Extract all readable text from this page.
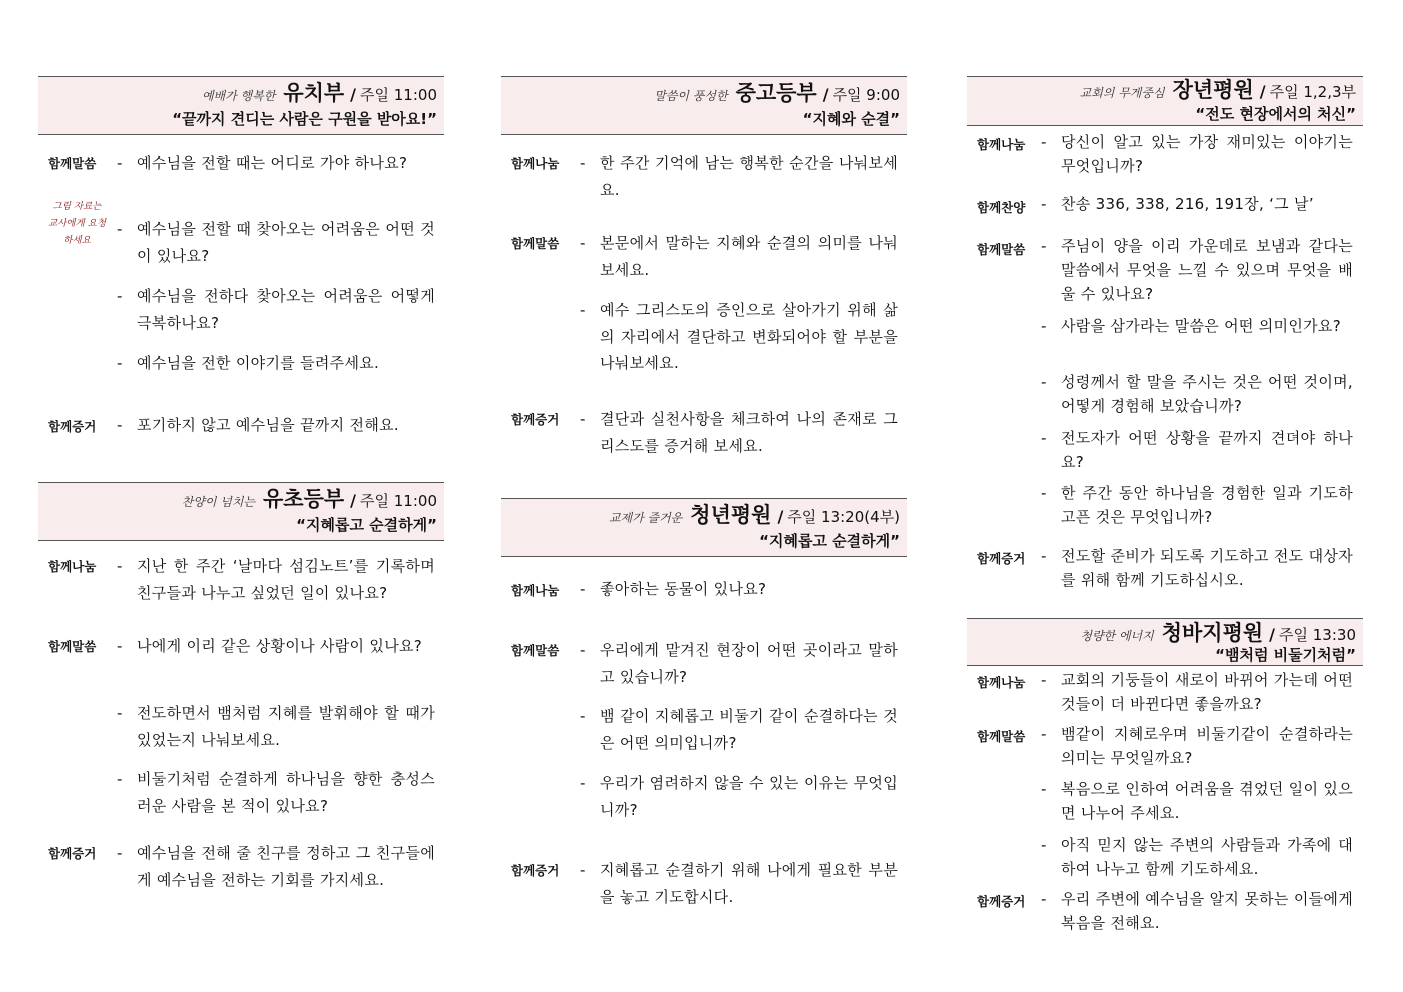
예배가 행복한 유치부 / 주일 11:00
“끝까지 견디는 사람은 구원을 받아요!”
함께말씀
그림 자료는 교사에게 요청하세요
- 예수님을 전할 때는 어디로 가야 하나요?
- 예수님을 전할 때 찾아오는 어려움은 어떤 것이 있나요?
- 예수님을 전하다 찾아오는 어려움은 어떻게 극복하나요?
- 예수님을 전한 이야기를 들려주세요.
함께증거 - 포기하지 않고 예수님을 끝까지 전해요.
찬양이 넘치는 유초등부 / 주일 11:00
“지혜롭고 순결하게”
함께나눔 - 지난 한 주간 ‘날마다 섬김노트’를 기록하며 친구들과 나누고 싶었던 일이 있나요?
함께말씀 - 나에게 이리 같은 상황이나 사람이 있나요?
- 전도하면서 뱀처럼 지혜를 발휘해야 할 때가 있었는지 나눠보세요.
- 비둘기처럼 순결하게 하나님을 향한 충성스러운 사람을 본 적이 있나요?
함께증거 - 예수님을 전해 줄 친구를 정하고 그 친구들에게 예수님을 전하는 기회를 가지세요.
말씀이 풍성한 중고등부 / 주일 9:00
“지혜와 순결”
함께나눔 - 한 주간 기억에 남는 행복한 순간을 나눠보세요.
함께말씀 - 본문에서 말하는 지혜와 순결의 의미를 나눠보세요.
- 예수 그리스도의 증인으로 살아가기 위해 삶의 자리에서 결단하고 변화되어야 할 부분을 나눠보세요.
함께증거 - 결단과 실천사항을 체크하여 나의 존재로 그리스도를 증거해 보세요.
교제가 즐거운 청년평원 / 주일 13:20(4부)
“지혜롭고 순결하게”
함께나눔 - 좋아하는 동물이 있나요?
함께말씀 - 우리에게 맡겨진 현장이 어떤 곳이라고 말하고 있습니까?
- 뱀 같이 지혜롭고 비둘기 같이 순결하다는 것은 어떤 의미입니까?
- 우리가 염려하지 않을 수 있는 이유는 무엇입니까?
함께증거 - 지혜롭고 순결하기 위해 나에게 필요한 부분을 놓고 기도합시다.
교회의 무게중심 장년평원 / 주일 1,2,3부
“전도 현장에서의 처신”
함께나눔 - 당신이 알고 있는 가장 재미있는 이야기는 무엇입니까?
함께찬양 - 찬송 336, 338, 216, 191장, ‘그 날’
함께말씀 - 주님이 양을 이리 가운데로 보냄과 같다는 말씀에서 무엇을 느낄 수 있으며 무엇을 배울 수 있나요?
- 사람을 삼가라는 말씀은 어떤 의미인가요?
- 성령께서 할 말을 주시는 것은 어떤 것이며, 어떻게 경험해 보았습니까?
- 전도자가 어떤 상황을 끝까지 견뎌야 하나요?
- 한 주간 동안 하나님을 경험한 일과 기도하고픈 것은 무엇입니까?
함께증거 - 전도할 준비가 되도록 기도하고 전도 대상자를 위해 함께 기도하십시오.
청량한 에너지 청바지평원 / 주일 13:30
“뱀처럼 비둘기처럼”
함께나눔 - 교회의 기둥들이 새로이 바뀌어 가는데 어떤 것들이 더 바뀐다면 좋을까요?
함께말씀 - 뱀같이 지혜로우며 비둘기같이 순결하라는 의미는 무엇일까요?
- 복음으로 인하여 어려움을 겪었던 일이 있으면 나누어 주세요.
- 아직 믿지 않는 주변의 사람들과 가족에 대하여 나누고 함께 기도하세요.
함께증거 - 우리 주변에 예수님을 알지 못하는 이들에게 복음을 전해요.
